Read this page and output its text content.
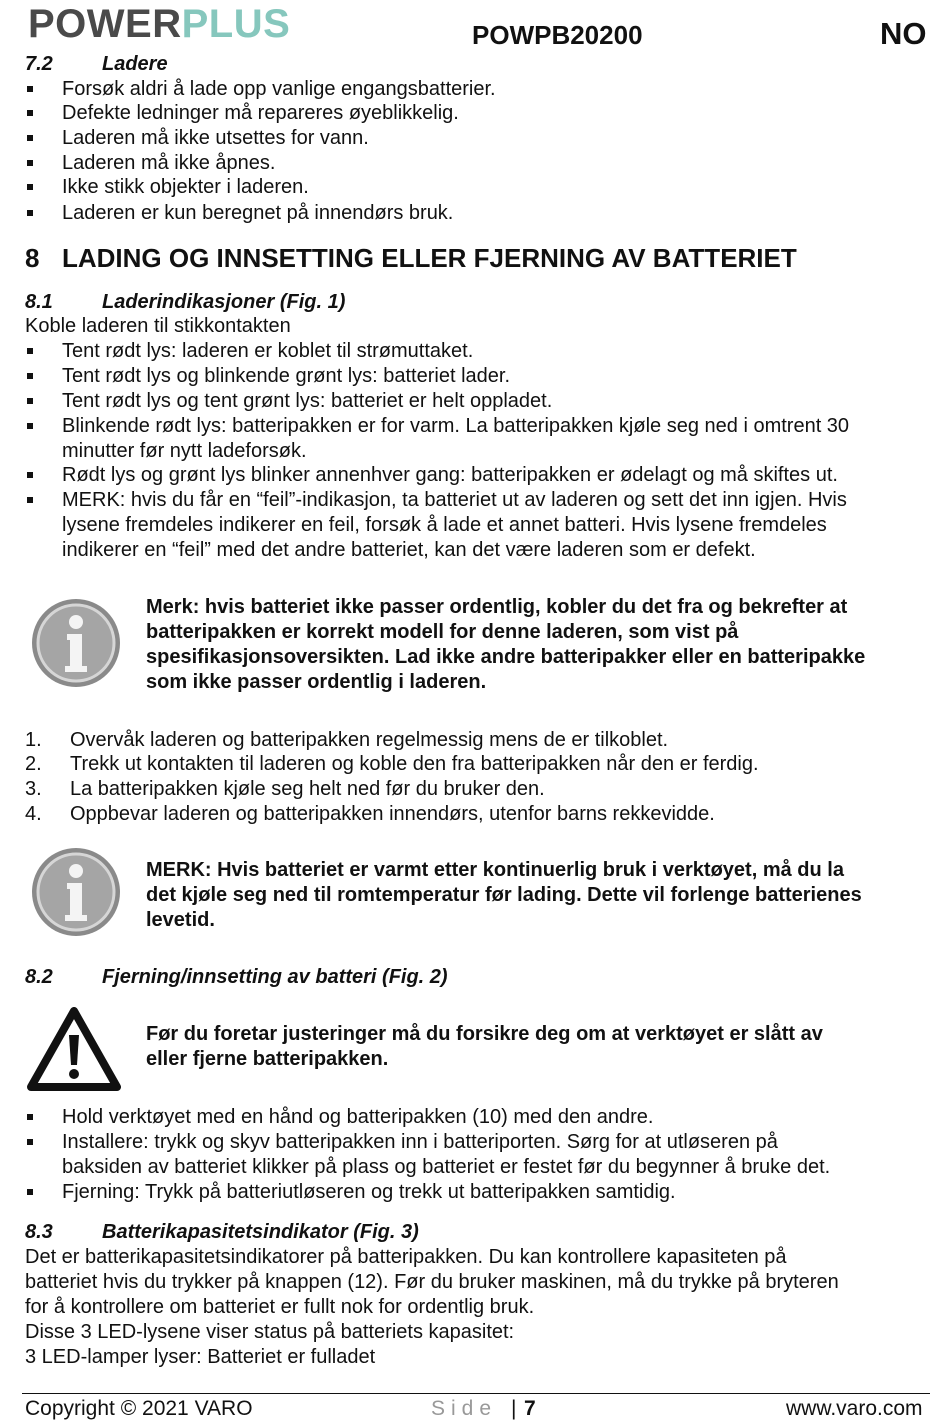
POWERPLUS	POWPB20200	NO
7.2 Ladere
Forsøk aldri å lade opp vanlige engangsbatterier.
Defekte ledninger må repareres øyeblikkelig.
Laderen må ikke utsettes for vann.
Laderen må ikke åpnes.
Ikke stikk objekter i laderen.
Laderen er kun beregnet på innendørs bruk.
8 LADING OG INNSETTING ELLER FJERNING AV BATTERIET
8.1 Laderindikasjoner (Fig. 1)
Koble laderen til stikkontakten
Tent rødt lys: laderen er koblet til strømuttaket.
Tent rødt lys og blinkende grønt lys: batteriet lader.
Tent rødt lys og tent grønt lys: batteriet er helt oppladet.
Blinkende rødt lys: batteripakken er for varm. La batteripakken kjøle seg ned i omtrent 30
minutter før nytt ladeforsøk.
Rødt lys og grønt lys blinker annenhver gang: batteripakken er ødelagt og må skiftes ut.
MERK: hvis du får en “feil”-indikasjon, ta batteriet ut av laderen og sett det inn igjen. Hvis
lysene fremdeles indikerer en feil, forsøk å lade et annet batteri. Hvis lysene fremdeles
indikerer en “feil” med det andre batteriet, kan det være laderen som er defekt.
Merk: hvis batteriet ikke passer ordentlig, kobler du det fra og bekrefter at
batteripakken er korrekt modell for denne laderen, som vist på
spesifikasjonsoversikten. Lad ikke andre batteripakker eller en batteripakke
som ikke passer ordentlig i laderen.
1. Overvåk laderen og batteripakken regelmessig mens de er tilkoblet.
2. Trekk ut kontakten til laderen og koble den fra batteripakken når den er ferdig.
3. La batteripakken kjøle seg helt ned før du bruker den.
4. Oppbevar laderen og batteripakken innendørs, utenfor barns rekkevidde.
MERK: Hvis batteriet er varmt etter kontinuerlig bruk i verktøyet, må du la
det kjøle seg ned til romtemperatur før lading. Dette vil forlenge batterienes
levetid.
8.2 Fjerning/innsetting av batteri (Fig. 2)
Før du foretar justeringer må du forsikre deg om at verktøyet er slått av
eller fjerne batteripakken.
Hold verktøyet med en hånd og batteripakken (10) med den andre.
Installere: trykk og skyv batteripakken inn i batteriporten. Sørg for at utløseren på
baksiden av batteriet klikker på plass og batteriet er festet før du begynner å bruke det.
Fjerning: Trykk på batteriutløseren og trekk ut batteripakken samtidig.
8.3 Batterikapasitetsindikator (Fig. 3)
Det er batterikapasitetsindikatorer på batteripakken. Du kan kontrollere kapasiteten på
batteriet hvis du trykker på knappen (12). Før du bruker maskinen, må du trykke på bryteren
for å kontrollere om batteriet er fullt nok for ordentlig bruk.
Disse 3 LED-lysene viser status på batteriets kapasitet:
3 LED-lamper lyser: Batteriet er fulladet
Copyright © 2021 VARO	Side | 7	www.varo.com
